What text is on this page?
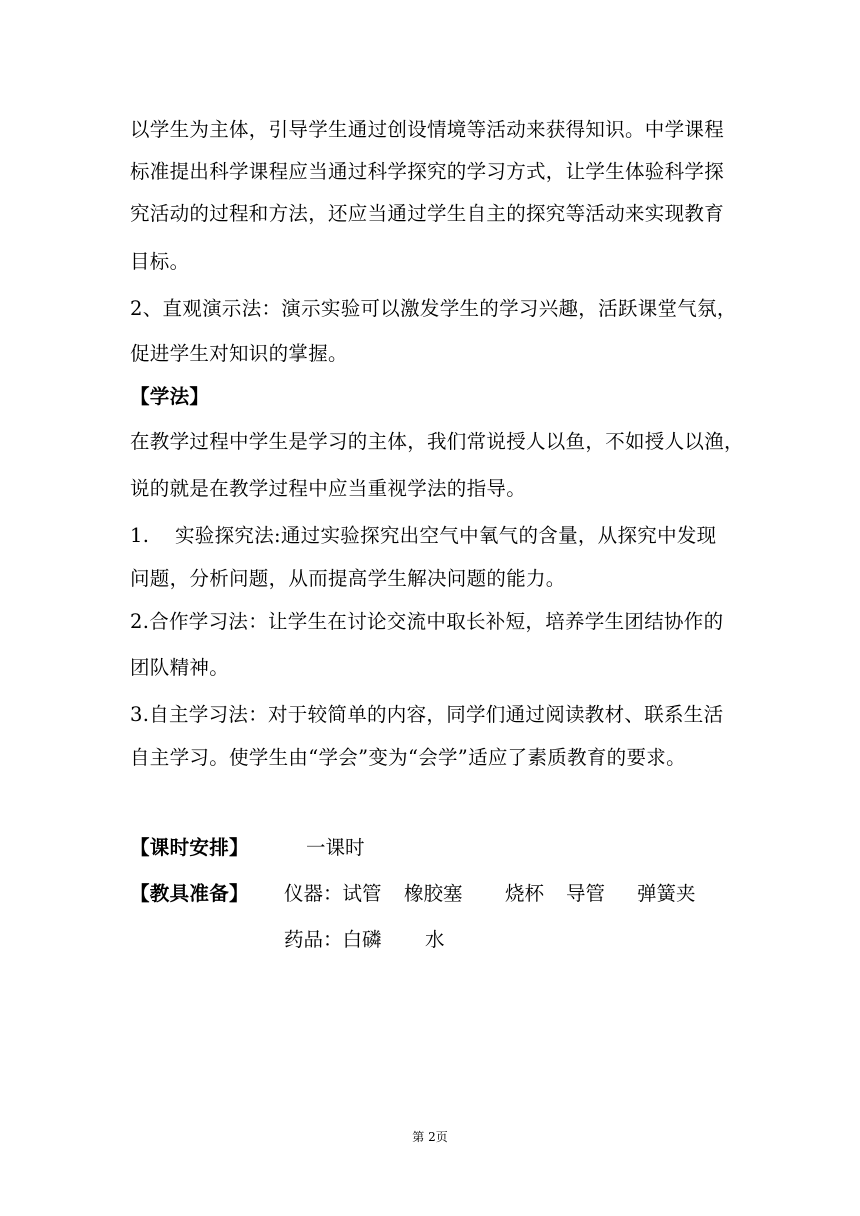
以学生为主体，引导学生通过创设情境等活动来获得知识。中学课程
标准提出科学课程应当通过科学探究的学习方式，让学生体验科学探
究活动的过程和方法，还应当通过学生自主的探究等活动来实现教育
目标。
2、直观演示法：演示实验可以激发学生的学习兴趣，活跃课堂气氛，
促进学生对知识的掌握。
【学法】
在教学过程中学生是学习的主体，我们常说授人以鱼，不如授人以渔，
说的就是在教学过程中应当重视学法的指导。
1. 实验探究法:通过实验探究出空气中氧气的含量，从探究中发现
问题，分析问题，从而提高学生解决问题的能力。
2.合作学习法：让学生在讨论交流中取长补短，培养学生团结协作的
团队精神。
3.自主学习法：对于较简单的内容，同学们通过阅读教材、联系生活
自主学习。使学生由“学会”变为“会学”适应了素质教育的要求。
【课时安排】	一课时
【教具准备】 仪器：试管 橡胶塞 烧杯 导管 弹簧夹
药品：白磷 水
第 2页
